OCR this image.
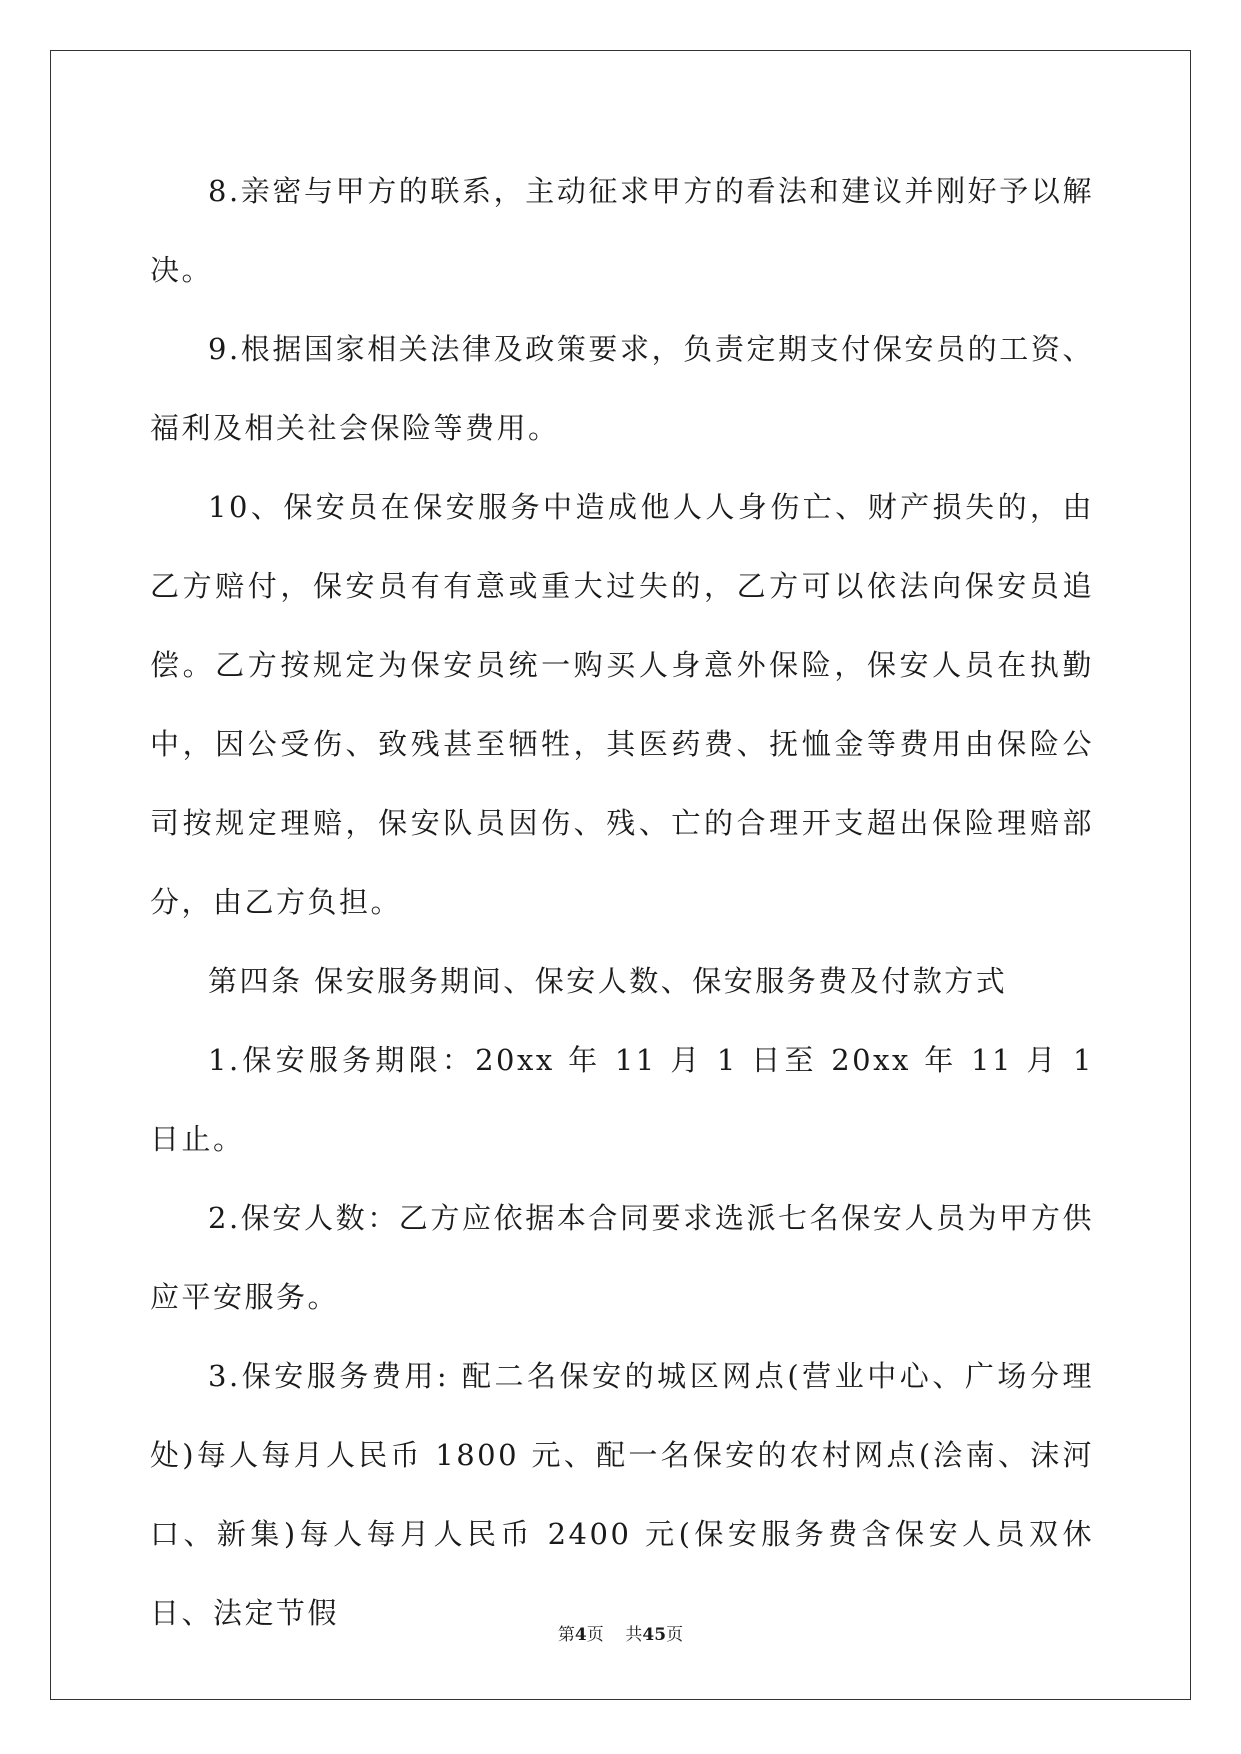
8.亲密与甲方的联系，主动征求甲方的看法和建议并刚好予以解决。

9.根据国家相关法律及政策要求，负责定期支付保安员的工资、福利及相关社会保险等费用。

10、保安员在保安服务中造成他人人身伤亡、财产损失的，由乙方赔付，保安员有有意或重大过失的，乙方可以依法向保安员追偿。乙方按规定为保安员统一购买人身意外保险，保安人员在执勤中，因公受伤、致残甚至牺牲，其医药费、抚恤金等费用由保险公司按规定理赔，保安队员因伤、残、亡的合理开支超出保险理赔部分，由乙方负担。

第四条 保安服务期间、保安人数、保安服务费及付款方式

1.保安服务期限：20xx 年 11 月 1 日至 20xx 年 11 月 1 日止。

2.保安人数：乙方应依据本合同要求选派七名保安人员为甲方供应平安服务。

3.保安服务费用: 配二名保安的城区网点(营业中心、广场分理处)每人每月人民币 1800 元、配一名保安的农村网点(浍南、沫河口、新集)每人每月人民币 2400 元(保安服务费含保安人员双休日、法定节假

第4页 共45页
